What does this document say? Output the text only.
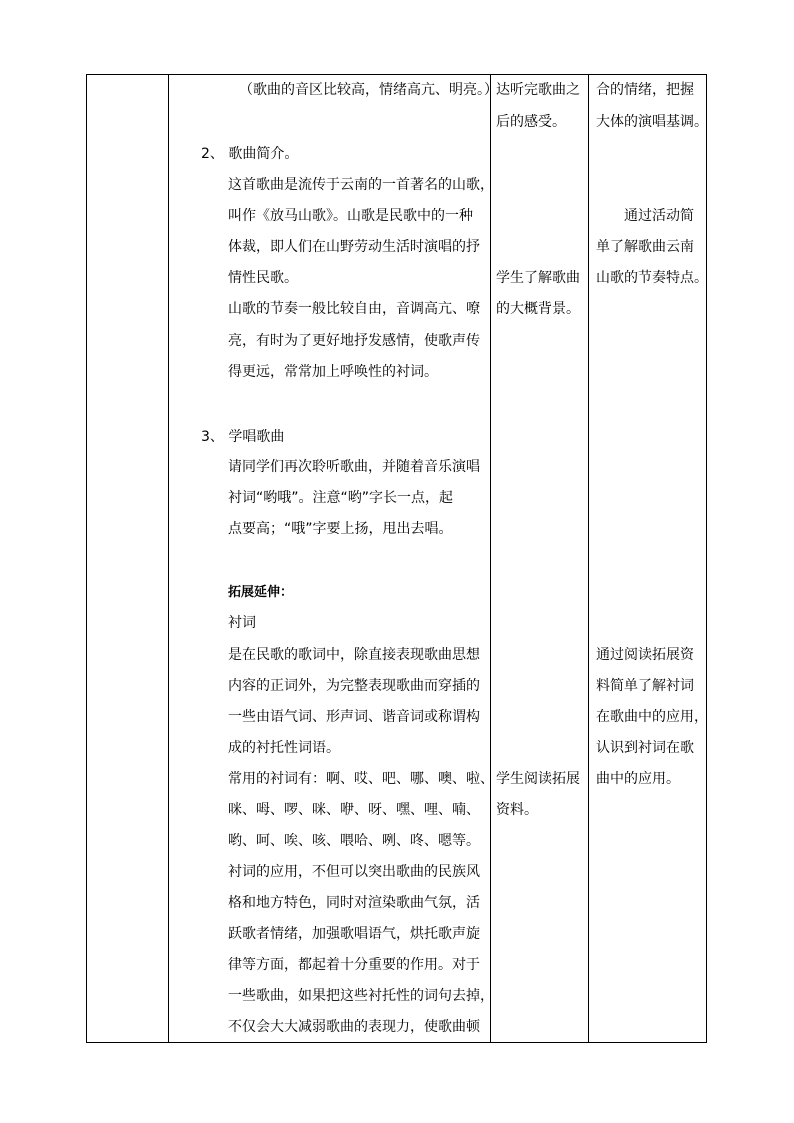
（歌曲的音区比较高，情绪高亢、明亮。）
2、 歌曲简介。
这首歌曲是流传于云南的一首著名的山歌，
叫作《放马山歌》。山歌是民歌中的一种
体裁，即人们在山野劳动生活时演唱的抒
情性民歌。
山歌的节奏一般比较自由，音调高亢、嘹
亮，有时为了更好地抒发感情，使歌声传
得更远，常常加上呼唤性的衬词。
3、 学唱歌曲
请同学们再次聆听歌曲，并随着音乐演唱
衬词“哟哦”。注意“哟”字长一点，起
点要高；“哦”字要上扬，甩出去唱。
拓展延伸：
衬词
是在民歌的歌词中，除直接表现歌曲思想
内容的正词外，为完整表现歌曲而穿插的
一些由语气词、形声词、谐音词或称谓构
成的衬托性词语。
常用的衬词有：啊、哎、吧、哪、噢、啦、
咪、呣、啰、咪、咿、呀、嘿、哩、喃、
哟、呵、唉、咳、喂哈、咧、咚、嗯等。
衬词的应用，不但可以突出歌曲的民族风
格和地方特色，同时对渲染歌曲气氛，活
跃歌者情绪，加强歌唱语气，烘托歌声旋
律等方面，都起着十分重要的作用。对于
一些歌曲，如果把这些衬托性的词句去掉，
不仅会大大减弱歌曲的表现力，使歌曲顿
达听完歌曲之
后的感受。
学生了解歌曲
的大概背景。
学生阅读拓展
资料。
合的情绪，把握
大体的演唱基调。
通过活动简
单了解歌曲云南
山歌的节奏特点。
通过阅读拓展资
料简单了解衬词
在歌曲中的应用，
认识到衬词在歌
曲中的应用。
